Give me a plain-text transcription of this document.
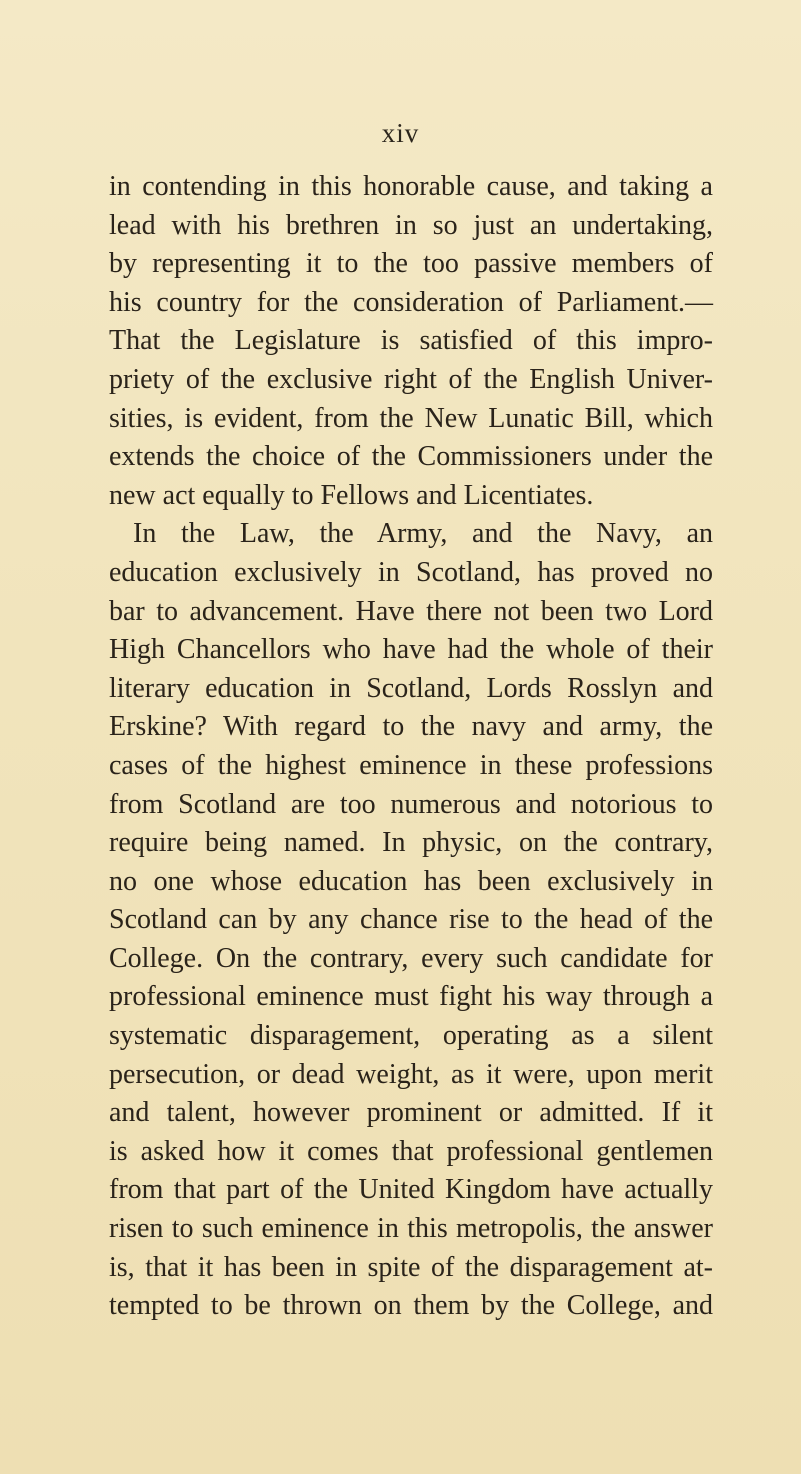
xiv
in contending in this honorable cause, and taking a
lead with his brethren in so just an undertaking,
by representing it to the too passive members of
his country for the consideration of Parliament.—
That the Legislature is satisfied of this impro-
priety of the exclusive right of the English Univer-
sities, is evident, from the New Lunatic Bill, which
extends the choice of the Commissioners under the
new act equally to Fellows and Licentiates.
In the Law, the Army, and the Navy, an
education exclusively in Scotland, has proved no
bar to advancement. Have there not been two Lord
High Chancellors who have had the whole of their
literary education in Scotland, Lords Rosslyn and
Erskine? With regard to the navy and army, the
cases of the highest eminence in these professions
from Scotland are too numerous and notorious to
require being named. In physic, on the contrary,
no one whose education has been exclusively in
Scotland can by any chance rise to the head of the
College. On the contrary, every such candidate for
professional eminence must fight his way through a
systematic disparagement, operating as a silent
persecution, or dead weight, as it were, upon merit
and talent, however prominent or admitted. If it
is asked how it comes that professional gentlemen
from that part of the United Kingdom have actually
risen to such eminence in this metropolis, the answer
is, that it has been in spite of the disparagement at-
tempted to be thrown on them by the College, and
